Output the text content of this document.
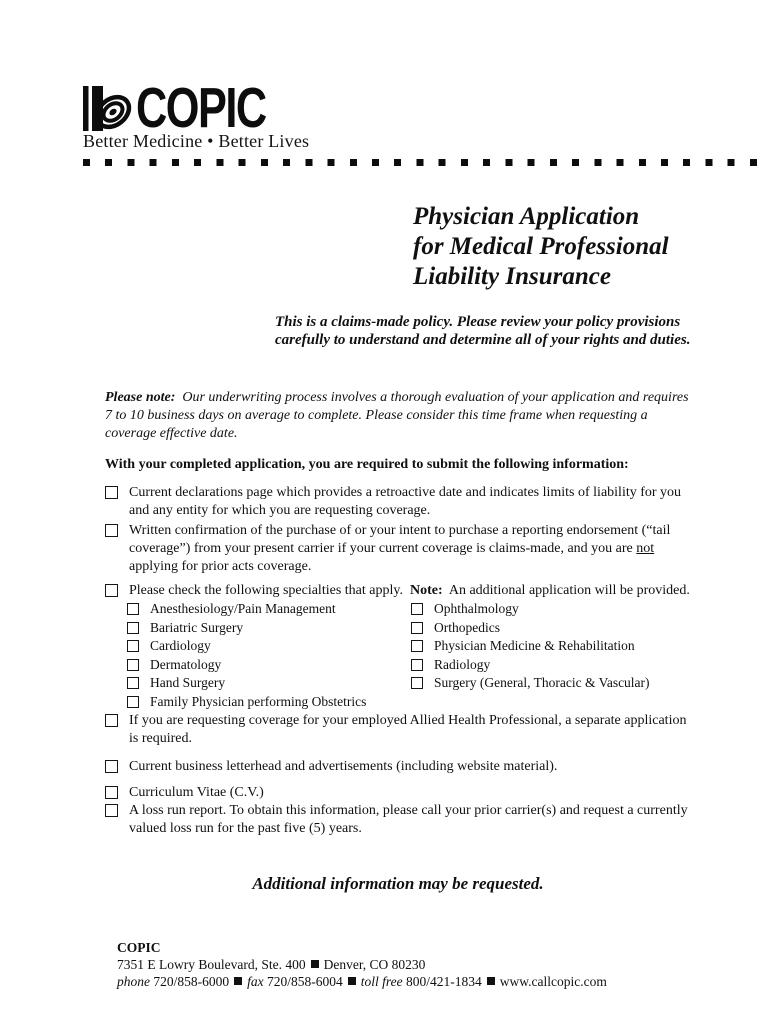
COPIC
Better Medicine • Better Lives
Physician Application
for Medical Professional
Liability Insurance
This is a claims-made policy. Please review your policy provisions
carefully to understand and determine all of your rights and duties.
Please note: Our underwriting process involves a thorough evaluation of your application and requires
7 to 10 business days on average to complete. Please consider this time frame when requesting a
coverage effective date.
With your completed application, you are required to submit the following information:
Current declarations page which provides a retroactive date and indicates limits of liability for you
and any entity for which you are requesting coverage.
Written confirmation of the purchase of or your intent to purchase a reporting endorsement (“tail
coverage”) from your present carrier if your current coverage is claims-made, and you are not
applying for prior acts coverage.
Please check the following specialties that apply. Note: An additional application will be provided.
Anesthesiology/Pain Management
Bariatric Surgery
Cardiology
Dermatology
Hand Surgery
Family Physician performing Obstetrics
Ophthalmology
Orthopedics
Physician Medicine & Rehabilitation
Radiology
Surgery (General, Thoracic & Vascular)
If you are requesting coverage for your employed Allied Health Professional, a separate application
is required.
Current business letterhead and advertisements (including website material).
Curriculum Vitae (C.V.)
A loss run report. To obtain this information, please call your prior carrier(s) and request a currently
valued loss run for the past five (5) years.
Additional information may be requested.
COPIC
7351 E Lowry Boulevard, Ste. 400 Denver, CO 80230
phone 720/858-6000 fax 720/858-6004 toll free 800/421-1834 www.callcopic.com
